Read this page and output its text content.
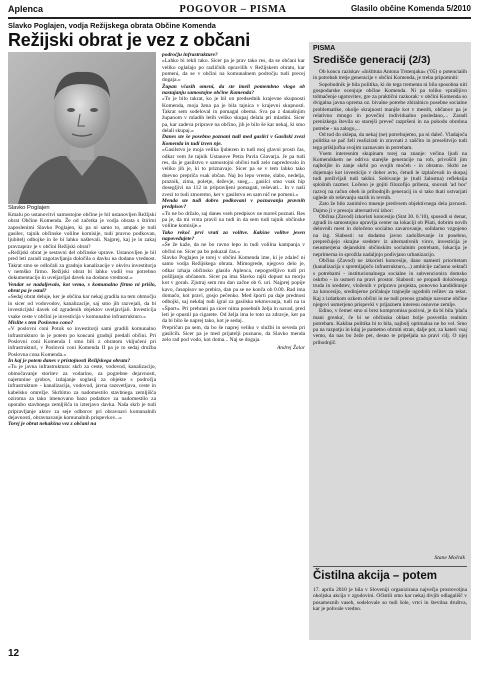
Aplenca	POGOVOR – PISMA	Glasilo občine Komenda 5/2010
Slavko Poglajen, vodja Režijskega obrata Občine Komenda
Režijski obrat je vez z občani
Slavko Poglajen

Kmalu po ustanovitvi samostojne občine je bil ustanovljen Režijski obrat Občine Komenda. Že od začetka je vodja obrata s štirimi zaposlenimi Slavko Poglajen, ki pa ni samo to, ampak je tudi gasilec, tajnik občinske volilne komisije, tudi pravno podkovan, ljubitelj odbojke in še bi lahko naštevali. Najprej, kaj je in zakaj pravzaprav je v občini Režijski obrat?

»Režijski obrat je sestavni del občinske uprave. Ustanovljen je bil pred leti zaradi zagotavljanja določila o davku na dodano vrednost. Takrat smo se odločali za gradnjo kanalizacije v okviru investitorja v nemško firmo. Režijski obrat bi lahko vodil vso potrebno dokumentacijo in uveljavljal davek na dodano vrednost.«

Vendar se nadaljevalo, kot vemo, s komunalno firmo ni prišlo, obrat pa je ostal?

»Sedaj obrat deluje, ker je občina kar nekaj gradila na tem območju in sicer od vodovodov, kanalizacije, saj smo jih razvejali, da bi investicijski davek od zgradenih objektov uveljavljali. Investicija vsake ceste v občini je investicija v komunalno infrastrukturo.«

Mislite s tem Poslovno cono?

»V poslovni coni Potok so investitorji sami gradili komunalno infrastrukturo in je potem po koncani gradnji predali občini. Pri Poslovni coni Komenda I smo bili z obratom vključeni pri infrastrukturi, v Poslovni coni Komenda II pa je to sedaj družba Poslovna cona Komenda.«

In kaj je potem danes v pristojnosti Režijskega obrata?

»Tu je javna infrastruktura: skrb za ceste, vodovod, kanalizacijo, območavanje storitev za vodarino, za pogrebne dejavnosti, najemnine grobov, izdajanje soglasij za objekte s področja infrastrukture - kanalizacija, vodovod, javna razsvetljava, ceste in kabelsko omrežje. Skrbimo za nadomestilo stavbnega zemljišča oziroma za tako imenovano bazo podatkov za nadomestilo za uporabo stavbnega zemljišča in izterjavo davka. Naša skrb je tudi pripravljanje aktov za seje odborov pri obravnavi komunalnih dejavnosti, obravnavanje komunalnih prispevkov...«

Torej je obrat nekakšna vez z občani na

področju infrastrukture?

»Lahko bi rekli tako. Sicer pa je prav tako res, da se občani kar veliko oglašajo po različnih opravilih v Režijskem obratu, kar pomeni, da se v občini na komunalnem področju tudi precej dogaja.«

Župan včasih omeni, da ste imeli pomembno vlogo ob nastajanju samostojne občine Komenda?

»To je bilo takrat, ko je bil on predsednik krajevne skupnosti Komenda, moja žena pa je bila tajnica v krajevni skupnosti. Takrat sem sodeloval in pomagal obema. Sva pa z današnjim županom v mladih letih veliko skupaj delala pri mladini. Sicer pa, kar zadeva priprave na občino, jih je bilo še kar nekaj, ki smo delali skupaj.«

Danes ste še posebno poznani tudi med gasilci v Gasilski zvezi Komenda in tudi izven nje.

»Gasilstvo je moja velika ljubezen in tudi moj glavni prosti čas, odkar vem že tajnik Ustanove Petra Pavla Glavarja. Je pa tudi res, da je gasilstvo v samostojni občini tudi zelo napredovalo in veliko jih je, ki to priznavajo. Sicer pa se v tem lahko tako dnevno prepriča vsak občan. Naj bo lepo vreme, slabo, nedelja, praznik, zima, poletje, deževje, sneg,... gasilci smo vsak hip dosegljivi na 112 in pripravljeni pomagati, reševati... In v naši zvezi to tudi zmoremo, ker v gasilstvu en sam nič ne pomeni.«

Menda ste tudi dobro podkovani v poznavanju pravnih predpisov?

»To ne bo držalo, saj danes vseh predpisov ne moreš poznati. Res pa je, da mi vrsta pravil na tudi in da sem tudi tajnik občinske volilne komisije.«

Tako rekoč prvi vrati za volitve. Kakšne volitve jesen napovedujete?

»Še že kaže, da ne bo ravno lepo in tudi volilna kampanja v občini ne. Sicer pa bo pokazal čas.«

Slavko Poglajen je torej v občini Komenda ime, ki je zdaleč ni samo vodja Režijskega obrata. Mimogrede, njegovo delo je, odkar izhaja občinsko glasilo Aplenca, nepogrešljivo tudi pri pošiljanju občanom. Sicer pa ima Slavko rajši dopust na morju kot v gorah. Zjutraj sem mu dan začne ob 6. uri. Najprej popije kavo, časopisov ne prebira, dan pa se ne konča ob 0.00. Rad ima domačo, kot pravi, gosjo pečenko. Med športi pa daje prednost odbojki, saj nekdaj tudi igral za gasilska tekmovanja, tudi na ta »Šport«. Pri prehrani pa sicer nima posebnih želja in navad, pred leti je opustil pa cigarete. Od želja ima le toto za zdravje, ker pa da bi bilo še naprej tako, kot je sedaj.

Prepričan pa sem, da bo še naprej veliko v službi in seveda pri gasilcih. Sicer pa je med prijatelji poznano, da Slavko menda zelo rad pod vodo, kot doma... Naj se dogaja.

Andrej Žalar

PISMA
Središče generacij (2/3)

Ob koncu raziskav »Inštituta Antona Trstenjaka« ('05) o potencialih in potrebah tretje generacije v občini Komenda, je treba pripomniti:

Sopobudnik je bila politika, ki do tega trementa ni bila sposobna niti gospodarske ocenjuje občine Komenda. Ni pa toliko vprašljivo tolmačenje ugotovitev, gre za praktični razkorak: v občini Komenda so dvigalna javna oprema oz. bivalne potrebe zbiralnico posebne socialne problematike, okolje skrajnosti manjše kot v mestih, občanov pa je relativno mnogo in povečini individualno posledano,... Zaradi prenizkega števila so starejši preveč razpršeni in na pohodu obrobna potrebe - na zalogo,...

Od tod do sklepa, da nekaj (ne) potrebujemo, pa ni daleč. Vladajoča politika se pač želi realizirati in zravnati z zaščito in preselitvijo tudi tega priključka svojim zaznavam in potrebam.

Vsem interesnim skupinam torej na znanje: večina ljudi na Komendskem ne odriva starejše generacije na rob, privoščil jim najboljše in zanje skrbi po svojih močeh - in obratno. Skrbi ne dojemajo kot investicijo v dober avto, četudi le izplačevali in skupaj tudi preživljali tudi takšni. Sobivanje je (tudi žalostna) refleksija splošnih razmer. Ločeno je gojiti filozofijo pribeza, snovati 'ad hoc' razvoj na račun obeh in pribodnjih generacij in si tako tkati ustvarjati uglede ob reševanju starih in revnih.

Zato že bilo zanimivo mnenje predvsem objektivnega dela javnosti. Dajmo ji v presojo alternativni izbor:

Občina (Zavod) izkoristi koncesijo (Stat 30. 6.'10), sposodi si denar, zgradi in samostojno upravlja center na lokaciji ob Pšati, dobrim novih delovnih mest in določeno socialno zavarovanje, solidarno vzgojeno na izg. Slabosti: so dodatno javno zadolževanje in posebno, preprečujejo skrajne sredstev iz alternativnih virov, investicija je neusmerjena dejanskim občinskim socialnim potrebam, lokacija je neprimerna in sprožila nadaljnjo podivjano urbanizacijo.

Občina (Zavod) ne izkoristi koncesije, dane namesti prioritetam (kanalizacija s spremljajočo infrastrukturo,...) ambicije začasno sektači s potrebami - institucionalnega socialne in subvencionira domsko oskrbo - in usmeri na pravi prostor. Slabosti: se propadi določenega truda in sredstev, vloženih v pripravo projekta, ponovno kandidiranje za koncesijo, sredinjerne pričakuje trajnejše ugodnih rešitev za tekst. Kaj z izdatkom ozkem občini in ne tudi prenos gradnje navezne občine njegovi usmerjeno prispevki v prijaznem interesu osnovne zemlje.

Edino, v čemer smo si brez kompromisa pozivni, je da bi bila 'plača mani grenka', če bi se občinska oblast bolje posvetila realnim potrebam. Kakšna politika bi to bila, najbolj optimalna ne bo vel. Smo pa na razpotju in kdaj je pametno obrniti stran, dalje pot, za kateri vsaj vemo, da nas bo žeže pet, desno te pripeljala na pravi cilj. O njej prihodnjič.

Stane Močnik
Čistilna akcija – potem
17. aprila 2010 je bila v Sloveniji organizirana največja prostovoljna okoljska akcija v zgodovini. Očistili smo kar nekaj divjih odlagališč v posameznih vaseh, sodelovale so tudi šole, vrtci in številna društva, kar je pohvale vredno.
12
